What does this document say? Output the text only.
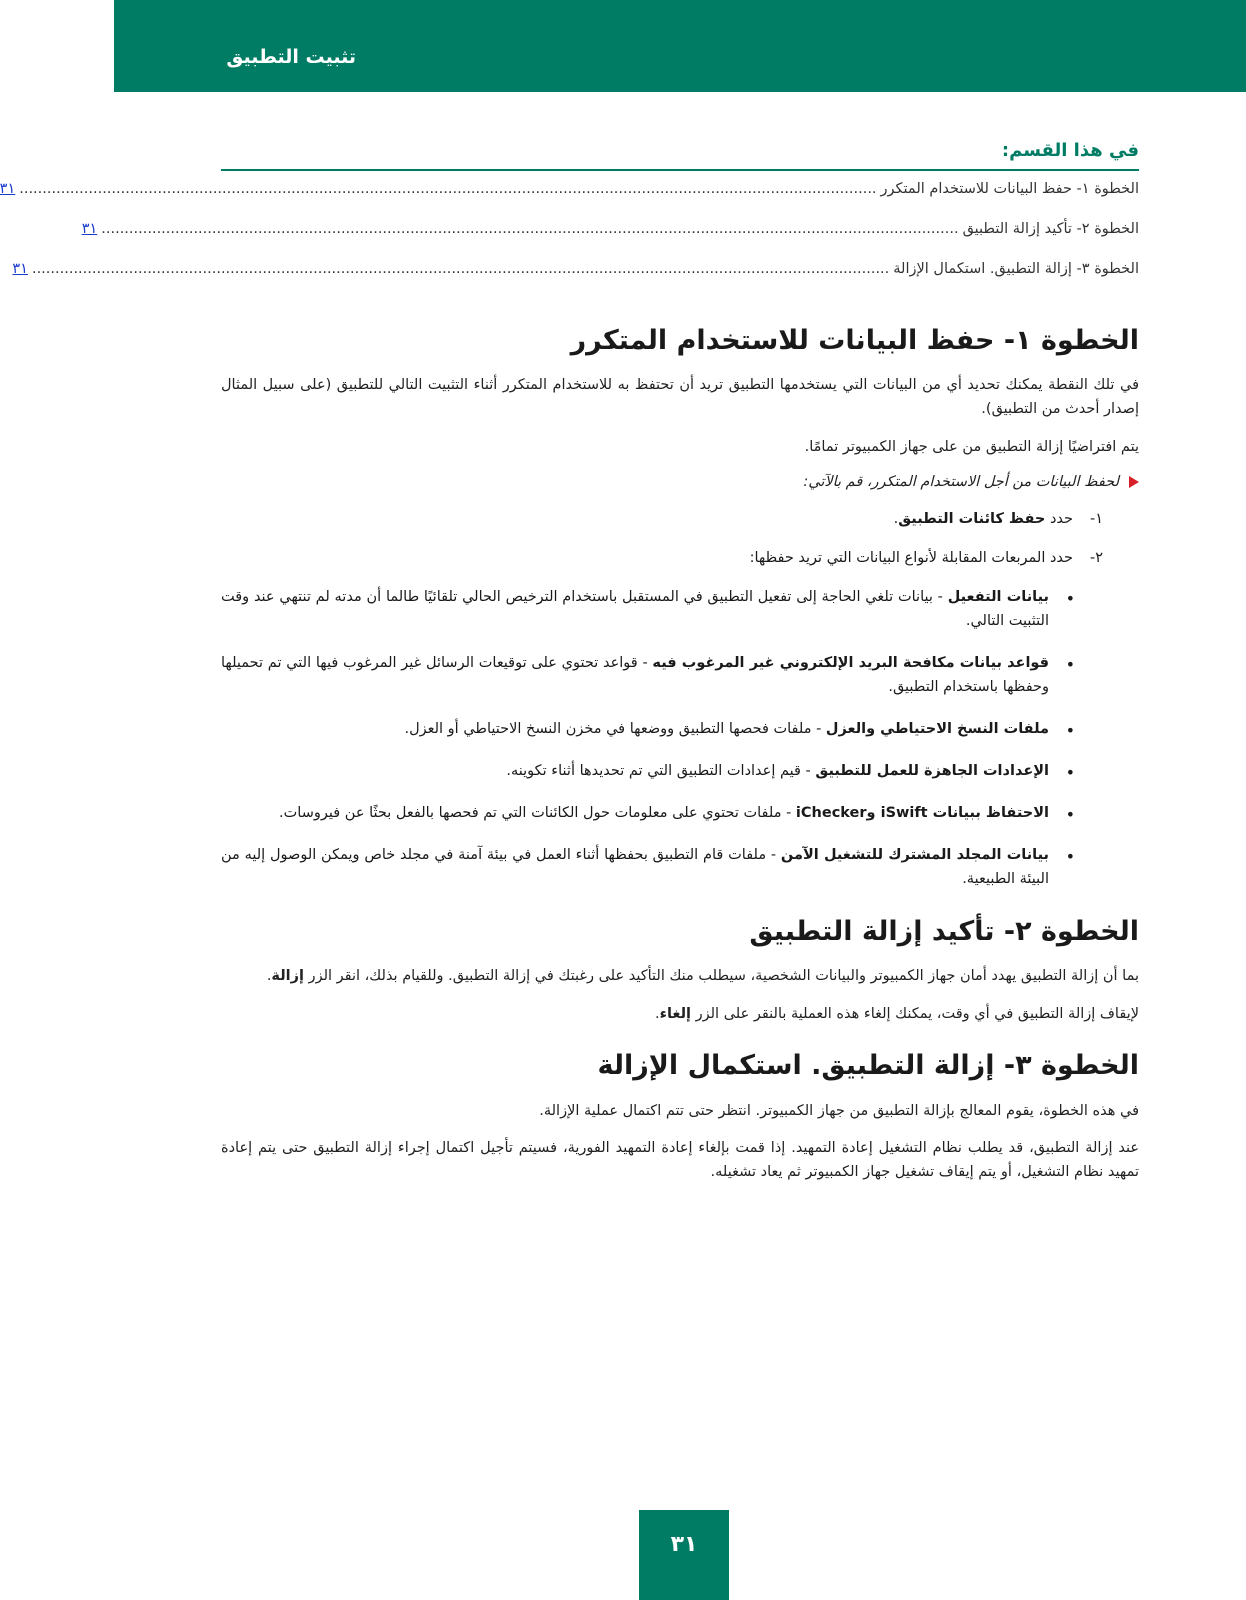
تثبيت التطبيق
في هذا القسم:
الخطوة ١- حفظ البيانات للاستخدام المتكرر
..........................................................................................................................................................................................
٣١
الخطوة ٢- تأكيد إزالة التطبيق
..........................................................................................................................................................................................
٣١
الخطوة ٣- إزالة التطبيق. استكمال الإزالة
..........................................................................................................................................................................................
٣١
الخطوة ١- حفظ البيانات للاستخدام المتكرر

في تلك النقطة يمكنك تحديد أي من البيانات التي يستخدمها التطبيق تريد أن تحتفظ به للاستخدام المتكرر أثناء التثبيت التالي للتطبيق (على سبيل المثال إصدار أحدث من التطبيق).

يتم افتراضيًا إزالة التطبيق من على جهاز الكمبيوتر تمامًا.

لحفظ البيانات من أجل الاستخدام المتكرر، قم بالآتي:
١-
حدد حفظ كائنات التطبيق.
٢-
حدد المربعات المقابلة لأنواع البيانات التي تريد حفظها:
• بيانات التفعيل - بيانات تلغي الحاجة إلى تفعيل التطبيق في المستقبل باستخدام الترخيص الحالي تلقائيًا طالما أن مدته لم تنتهي عند وقت التثبيت التالي.
• قواعد بيانات مكافحة البريد الإلكتروني غير المرغوب فيه - قواعد تحتوي على توقيعات الرسائل غير المرغوب فيها التي تم تحميلها وحفظها باستخدام التطبيق.
• ملفات النسخ الاحتياطي والعزل - ملفات فحصها التطبيق ووضعها في مخزن النسخ الاحتياطي أو العزل.
• الإعدادات الجاهزة للعمل للتطبيق - قيم إعدادات التطبيق التي تم تحديدها أثناء تكوينه.
• الاحتفاظ ببيانات iSwift وiChecker - ملفات تحتوي على معلومات حول الكائنات التي تم فحصها بالفعل بحثًا عن فيروسات.
• بيانات المجلد المشترك للتشغيل الآمن - ملفات قام التطبيق بحفظها أثناء العمل في بيئة آمنة في مجلد خاص ويمكن الوصول إليه من البيئة الطبيعية.
الخطوة ٢- تأكيد إزالة التطبيق

بما أن إزالة التطبيق يهدد أمان جهاز الكمبيوتر والبيانات الشخصية، سيطلب منك التأكيد على رغبتك في إزالة التطبيق. وللقيام بذلك، انقر الزر إزالة.

لإيقاف إزالة التطبيق في أي وقت، يمكنك إلغاء هذه العملية بالنقر على الزر إلغاء.

الخطوة ٣- إزالة التطبيق. استكمال الإزالة

في هذه الخطوة، يقوم المعالج بإزالة التطبيق من جهاز الكمبيوتر. انتظر حتى تتم اكتمال عملية الإزالة.

عند إزالة التطبيق، قد يطلب نظام التشغيل إعادة التمهيد. إذا قمت بإلغاء إعادة التمهيد الفورية، فسيتم تأجيل اكتمال إجراء إزالة التطبيق حتى يتم إعادة تمهيد نظام التشغيل، أو يتم إيقاف تشغيل جهاز الكمبيوتر ثم يعاد تشغيله.

٣١
